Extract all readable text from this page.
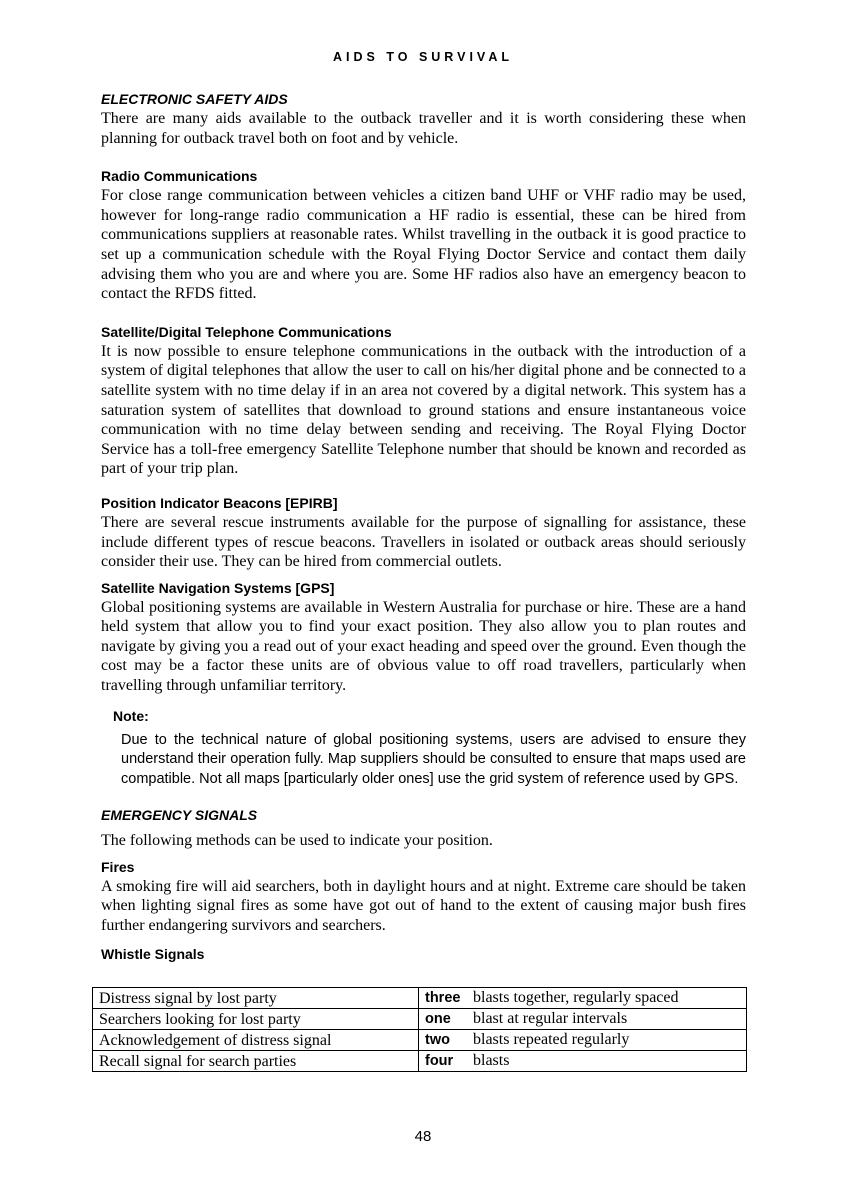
AIDS TO SURVIVAL
ELECTRONIC SAFETY AIDS

There are many aids available to the outback traveller and it is worth considering these when planning for outback travel both on foot and by vehicle.

Radio Communications

For close range communication between vehicles a citizen band UHF or VHF radio may be used, however for long-range radio communication a HF radio is essential, these can be hired from communications suppliers at reasonable rates. Whilst travelling in the outback it is good practice to set up a communication schedule with the Royal Flying Doctor Service and contact them daily advising them who you are and where you are. Some HF radios also have an emergency beacon to contact the RFDS fitted.

Satellite/Digital Telephone Communications

It is now possible to ensure telephone communications in the outback with the introduction of a system of digital telephones that allow the user to call on his/her digital phone and be connected to a satellite system with no time delay if in an area not covered by a digital network. This system has a saturation system of satellites that download to ground stations and ensure instantaneous voice communication with no time delay between sending and receiving. The Royal Flying Doctor Service has a toll-free emergency Satellite Telephone number that should be known and recorded as part of your trip plan.

Position Indicator Beacons [EPIRB]

There are several rescue instruments available for the purpose of signalling for assistance, these include different types of rescue beacons. Travellers in isolated or outback areas should seriously consider their use. They can be hired from commercial outlets.

Satellite Navigation Systems [GPS]

Global positioning systems are available in Western Australia for purchase or hire. These are a hand held system that allow you to find your exact position. They also allow you to plan routes and navigate by giving you a read out of your exact heading and speed over the ground. Even though the cost may be a factor these units are of obvious value to off road travellers, particularly when travelling through unfamiliar territory.

Note:

Due to the technical nature of global positioning systems, users are advised to ensure they understand their operation fully. Map suppliers should be consulted to ensure that maps used are compatible. Not all maps [particularly older ones] use the grid system of reference used by GPS.

EMERGENCY SIGNALS

The following methods can be used to indicate your position.

Fires

A smoking fire will aid searchers, both in daylight hours and at night. Extreme care should be taken when lighting signal fires as some have got out of hand to the extent of causing major bush fires further endangering survivors and searchers.

Whistle Signals
Distress signal by lost party	three blasts together, regularly spaced
Searchers looking for lost party	one blast at regular intervals
Acknowledgement of distress signal	two blasts repeated regularly
Recall signal for search parties	four blasts
48
